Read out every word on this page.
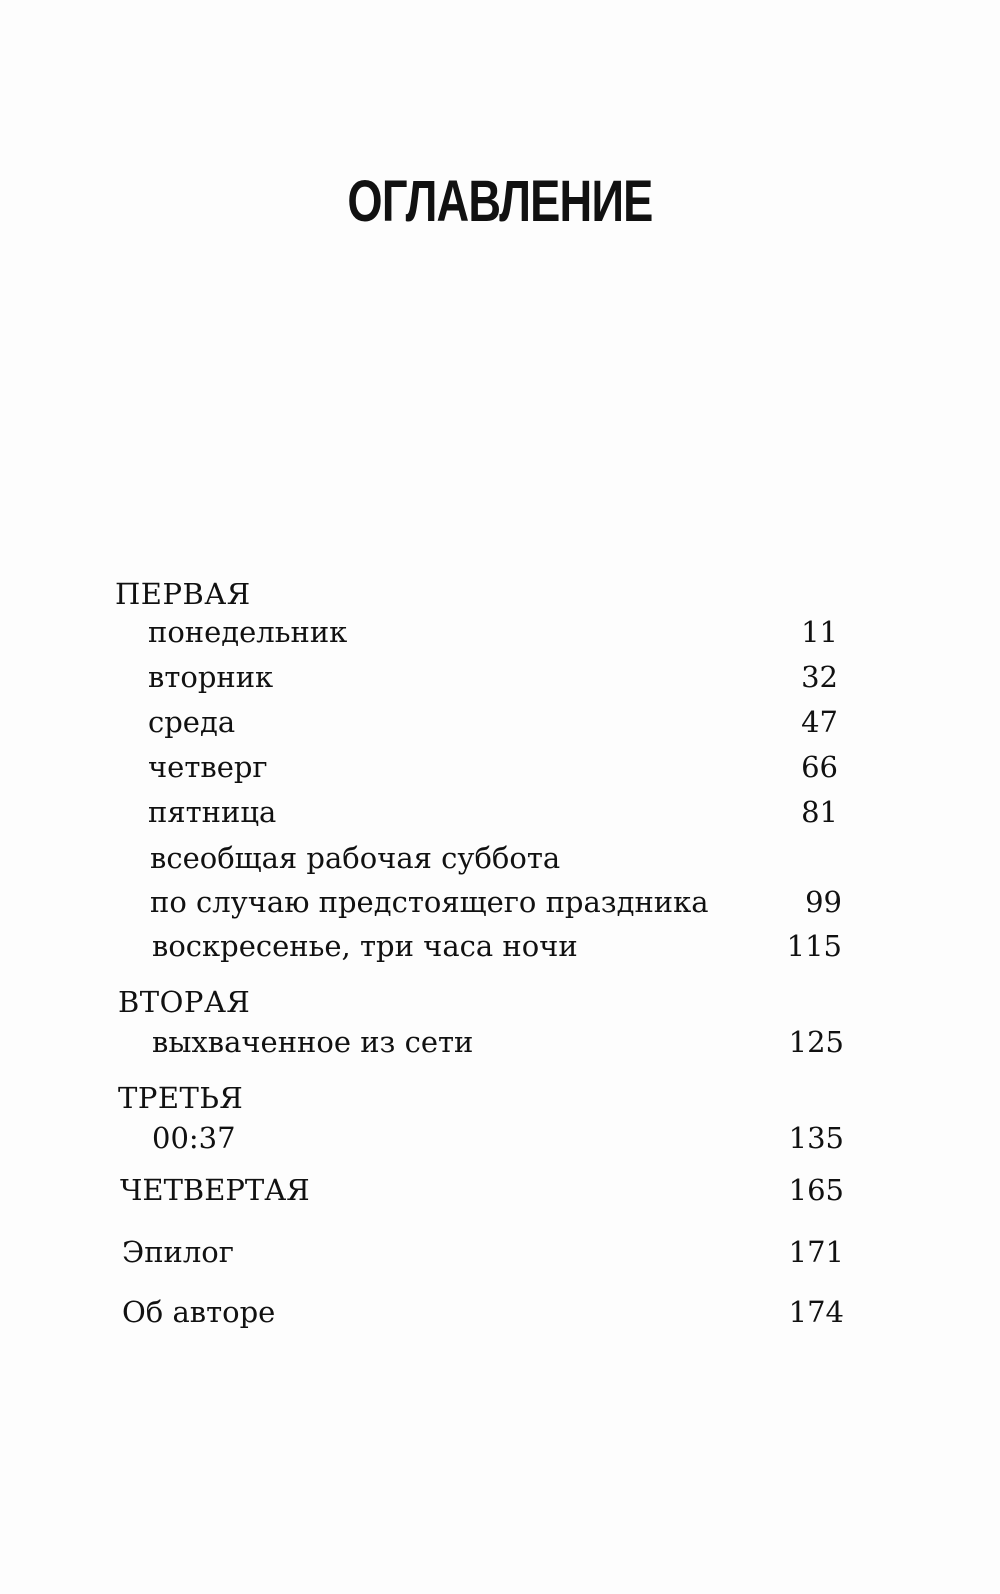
ОГЛАВЛЕНИЕ
ПЕРВАЯ
понедельник .....	11
вторник .....	32
среда .....	47
четверг .....	66
пятница .....	81
всеобщая рабочая суббота
по случаю предстоящего праздника .....	99
воскресенье, три часа ночи .....	115
ВТОРАЯ
выхваченное из сети .....	125
ТРЕТЬЯ
00:37 .....	135
ЧЕТВЕРТАЯ .....	165
Эпилог .....	171
Об авторе .....	174
